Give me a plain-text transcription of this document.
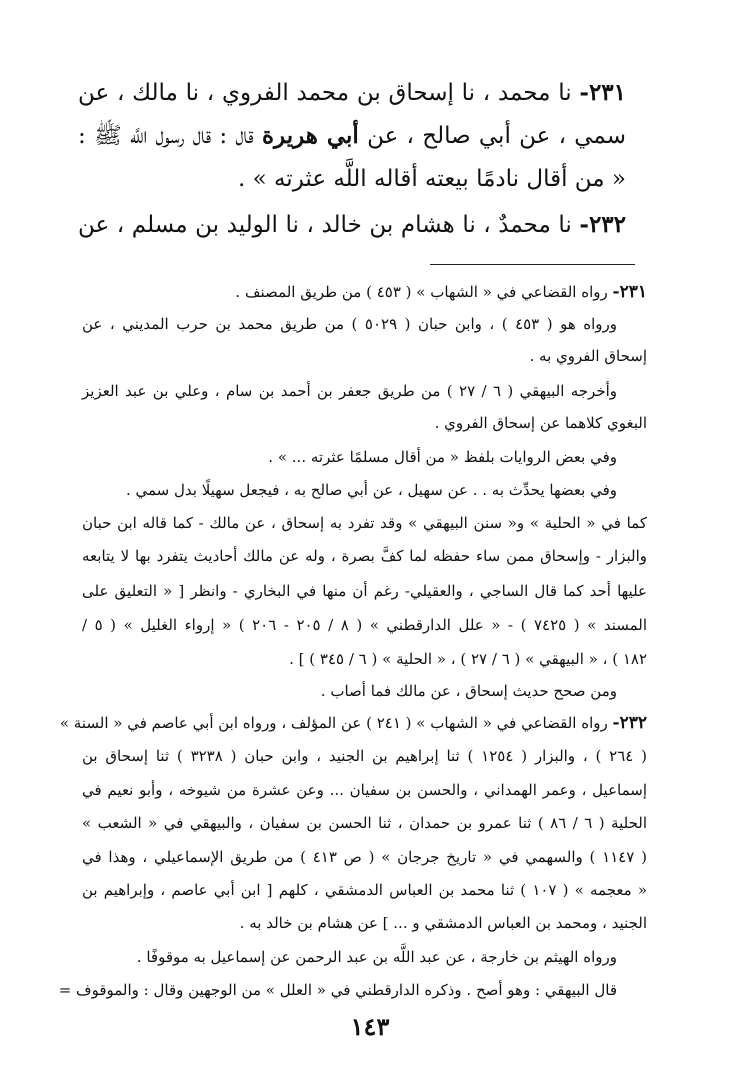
٢٣١- نا محمد ، نا إسحاق بن محمد الفروي ، نا مالك ، عن
سمي ، عن أبي صالح ، عن أبي هريرة قال : قال رسول اللَّه ﷺ :
« من أقال نادمًا بيعته أقاله اللَّه عثرته » .
٢٣٢- نا محمدٌ ، نا هشام بن خالد ، نا الوليد بن مسلم ، عن
٢٣١- رواه القضاعي في « الشهاب » ( ٤٥٣ ) من طريق المصنف .
ورواه هو ( ٤٥٣ ) ، وابن حبان ( ٥٠٢٩ ) من طريق محمد بن حرب المديني ، عن
إسحاق الفروي به .
وأخرجه البيهقي ( ٦ / ٢٧ ) من طريق جعفر بن أحمد بن سام ، وعلي بن عبد العزيز
البغوي كلاهما عن إسحاق الفروي .
وفي بعض الروايات بلفظ « من أقال مسلمًا عثرته ... » .
وفي بعضها يحدِّث به . . عن سهيل ، عن أبي صالح به ، فيجعل سهيلًا بدل سمي .
كما في « الحلية » و« سنن البيهقي » وقد تفرد به إسحاق ، عن مالك - كما قاله ابن حبان
والبزار - وإسحاق ممن ساء حفظه لما كفَّ بصرة ، وله عن مالك أحاديث يتفرد بها لا يتابعه
عليها أحد كما قال الساجي ، والعقيلي- رغم أن منها في البخاري - وانظر [ « التعليق على
المسند » ( ٧٤٢٥ ) - « علل الدارقطني » ( ٨ / ٢٠٥ - ٢٠٦ ) « إرواء الغليل » ( ٥ /
١٨٢ ) ، « البيهقي » ( ٦ / ٢٧ ) ، « الحلية » ( ٦ / ٣٤٥ ) ] .
ومن صحح حديث إسحاق ، عن مالك فما أصاب .
٢٣٢- رواه القضاعي في « الشهاب » ( ٢٤١ ) عن المؤلف ، ورواه ابن أبي عاصم في « السنة »
( ٢٦٤ ) ، والبزار ( ١٢٥٤ ) ثنا إبراهيم بن الجنيد ، وابن حبان ( ٣٢٣٨ ) ثنا إسحاق بن
إسماعيل ، وعمر الهمداني ، والحسن بن سفيان ... وعن عشرة من شيوخه ، وأبو نعيم في
الحلية ( ٦ / ٨٦ ) ثنا عمرو بن حمدان ، ثنا الحسن بن سفيان ، والبيهقي في « الشعب »
( ١١٤٧ ) والسهمي في « تاريخ جرجان » ( ص ٤١٣ ) من طريق الإسماعيلي ، وهذا في
« معجمه » ( ١٠٧ ) ثنا محمد بن العباس الدمشقي ، كلهم [ ابن أبي عاصم ، وإبراهيم بن
الجنيد ، ومحمد بن العباس الدمشقي و ... ] عن هشام بن خالد به .
ورواه الهيثم بن خارجة ، عن عبد اللَّه بن عبد الرحمن عن إسماعيل به موقوفًا .
قال البيهقي : وهو أصح . وذكره الدارقطني في « العلل » من الوجهين وقال : والموقوف =
١٤٣
